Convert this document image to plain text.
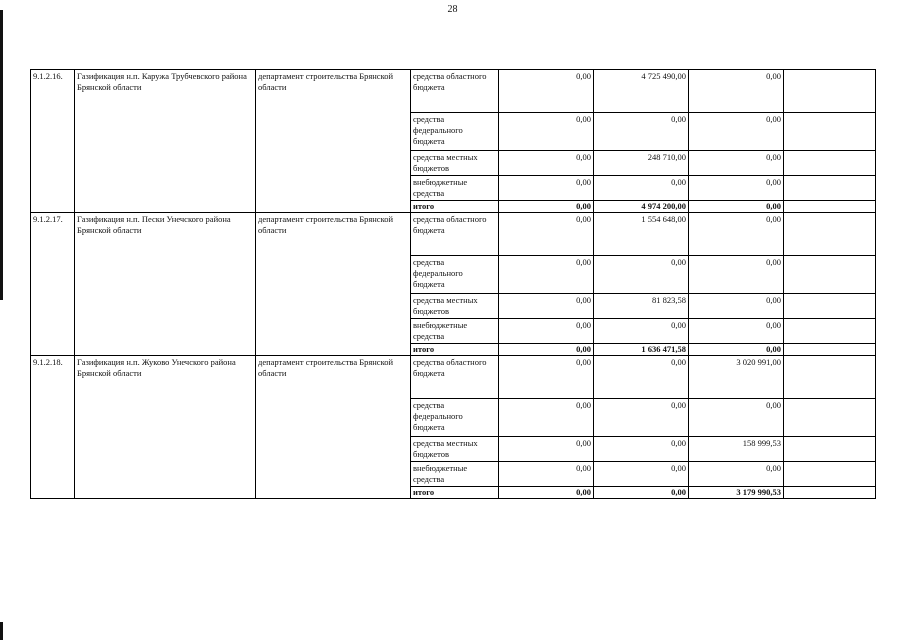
28
9.1.2.16.	Газификация н.п. Каружа Трубчевского района Брянской области	департамент строительства Брянской области	средства областного бюджета	0,00	4 725 490,00	0,00	
			средства федерального бюджета	0,00	0,00	0,00	
			средства местных бюджетов	0,00	248 710,00	0,00	
			внебюджетные средства	0,00	0,00	0,00	
			итого	0,00	4 974 200,00	0,00	
9.1.2.17.	Газификация н.п. Пески Унечского района Брянской области	департамент строительства Брянской области	средства областного бюджета	0,00	1 554 648,00	0,00	
			средства федерального бюджета	0,00	0,00	0,00	
			средства местных бюджетов	0,00	81 823,58	0,00	
			внебюджетные средства	0,00	0,00	0,00	
			итого	0,00	1 636 471,58	0,00	
9.1.2.18.	Газификация н.п. Жуково Унечского района Брянской области	департамент строительства Брянской области	средства областного бюджета	0,00	0,00	3 020 991,00	
			средства федерального бюджета	0,00	0,00	0,00	
			средства местных бюджетов	0,00	0,00	158 999,53	
			внебюджетные средства	0,00	0,00	0,00	
			итого	0,00	0,00	3 179 990,53	
